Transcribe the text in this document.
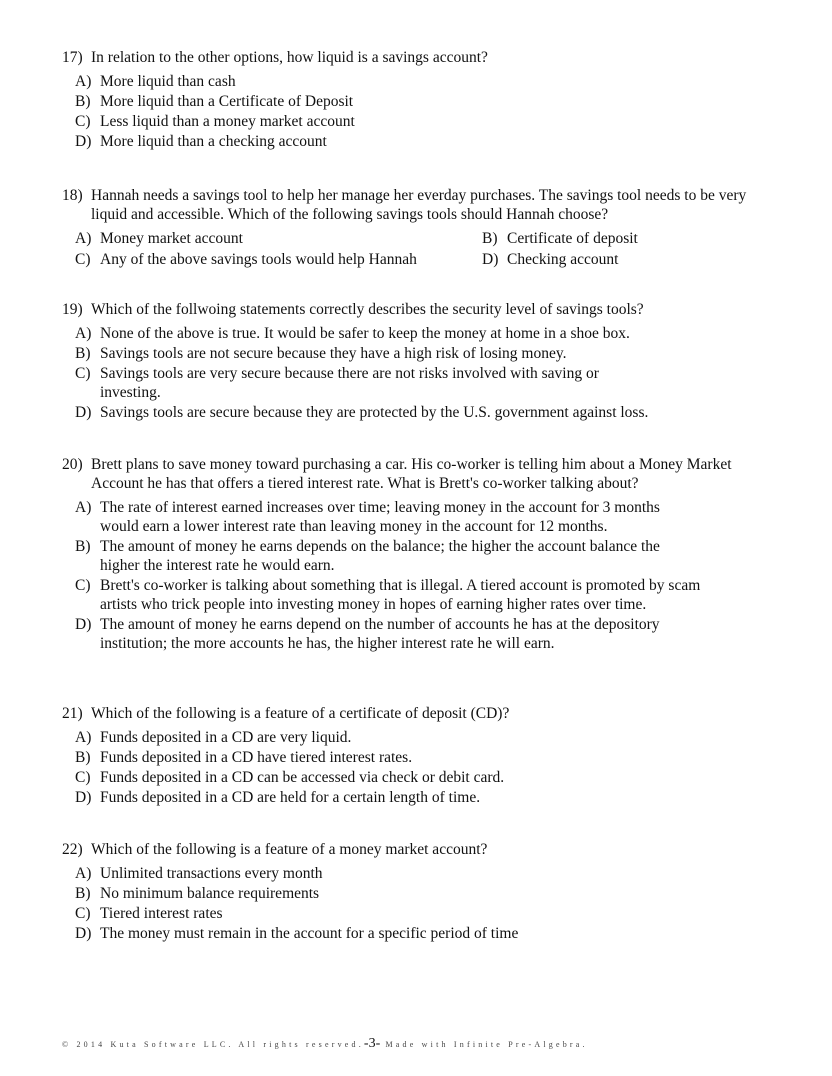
17) In relation to the other options, how liquid is a savings account?
A) More liquid than cash
B) More liquid than a Certificate of Deposit
C) Less liquid than a money market account
D) More liquid than a checking account
18) Hannah needs a savings tool to help her manage her everday purchases. The savings tool needs to be very liquid and accessible. Which of the following savings tools should Hannah choose?
A) Money market account	B) Certificate of deposit
C) Any of the above savings tools would help Hannah	D) Checking account
19) Which of the follwoing statements correctly describes the security level of savings tools?
A) None of the above is true. It would be safer to keep the money at home in a shoe box.
B) Savings tools are not secure because they have a high risk of losing money.
C) Savings tools are very secure because there are not risks involved with saving or investing.
D) Savings tools are secure because they are protected by the U.S. government against loss.
20) Brett plans to save money toward purchasing a car. His co-worker is telling him about a Money Market Account he has that offers a tiered interest rate. What is Brett's co-worker talking about?
A) The rate of interest earned increases over time; leaving money in the account for 3 months would earn a lower interest rate than leaving money in the account for 12 months.
B) The amount of money he earns depends on the balance; the higher the account balance the higher the interest rate he would earn.
C) Brett's co-worker is talking about something that is illegal. A tiered account is promoted by scam artists who trick people into investing money in hopes of earning higher rates over time.
D) The amount of money he earns depend on the number of accounts he has at the depository institution; the more accounts he has, the higher interest rate he will earn.
21) Which of the following is a feature of a certificate of deposit (CD)?
A) Funds deposited in a CD are very liquid.
B) Funds deposited in a CD have tiered interest rates.
C) Funds deposited in a CD can be accessed via check or debit card.
D) Funds deposited in a CD are held for a certain length of time.
22) Which of the following is a feature of a money market account?
A) Unlimited transactions every month
B) No minimum balance requirements
C) Tiered interest rates
D) The money must remain in the account for a specific period of time
© 2014 Kuta Software LLC. All rights reserved.-3- Made with Infinite Pre-Algebra.
